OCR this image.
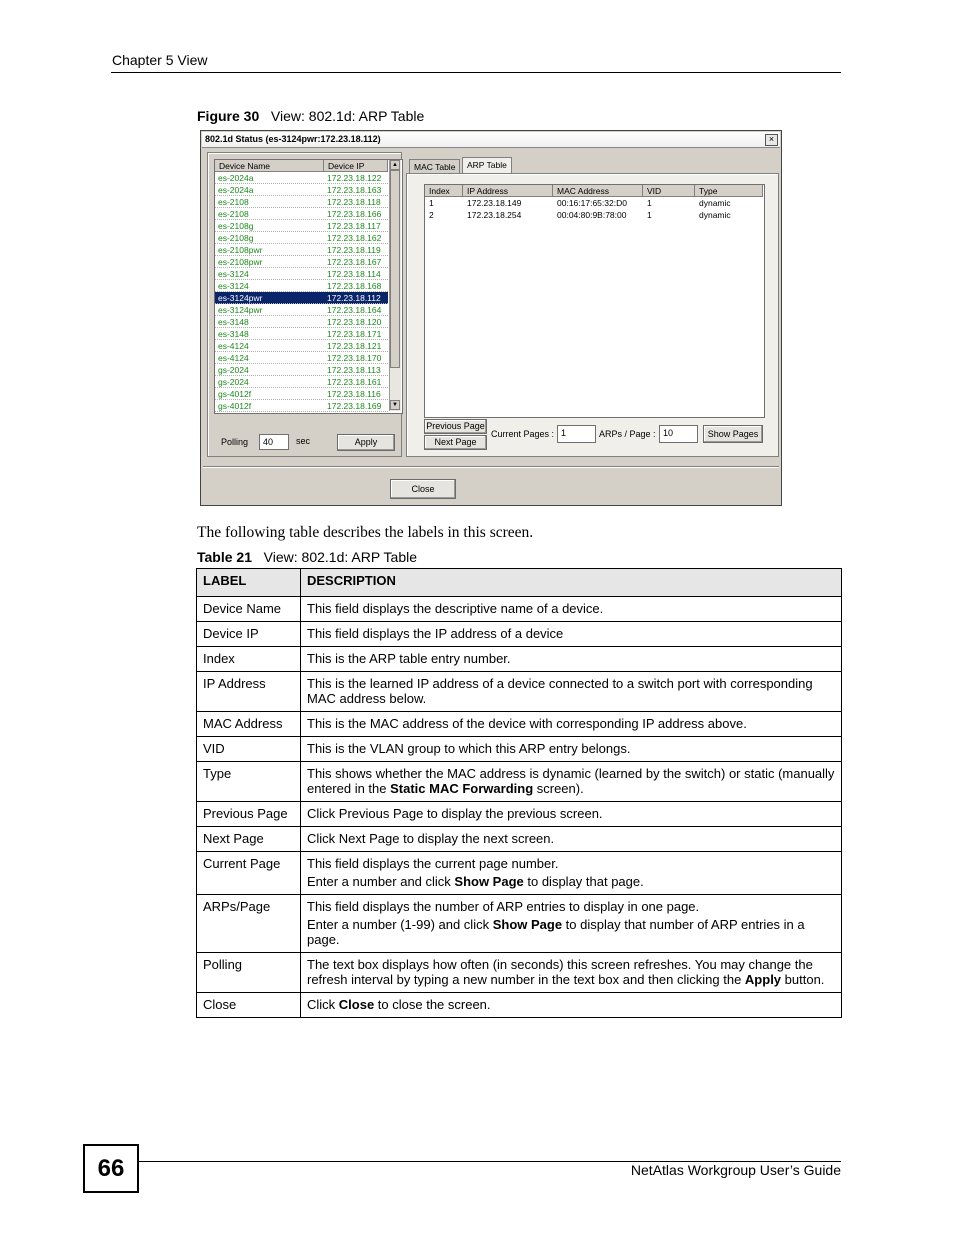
Chapter 5 View
Figure 30 View: 802.1d: ARP Table
802.1d Status (es-3124pwr:172.23.18.112)	×
Device Name	Device IP
es-2024a	172.23.18.122
es-2024a	172.23.18.163
es-2108	172.23.18.118
es-2108	172.23.18.166
es-2108g	172.23.18.117
es-2108g	172.23.18.162
es-2108pwr	172.23.18.119
es-2108pwr	172.23.18.167
es-3124	172.23.18.114
es-3124	172.23.18.168
es-3124pwr	172.23.18.112
es-3124pwr	172.23.18.164
es-3148	172.23.18.120
es-3148	172.23.18.171
es-4124	172.23.18.121
es-4124	172.23.18.170
gs-2024	172.23.18.113
gs-2024	172.23.18.161
gs-4012f	172.23.18.116
gs-4012f	172.23.18.169
▲
▼
Polling	40	sec	Apply
MAC Table	ARP Table
Index	IP Address	MAC Address	VID	Type
1	172.23.18.149	00:16:17:65:32:D0 1	dynamic
2	172.23.18.254	00:04:80:9B:78:00 1	dynamic
Previous Page
Next Page
Current Pages : 1	ARPs / Page : 10	Show Pages
Close
The following table describes the labels in this screen.
Table 21 View: 802.1d: ARP Table
LABEL	DESCRIPTION
Device Name	This field displays the descriptive name of a device.

Device IP	This field displays the IP address of a device

Index	This is the ARP table entry number.

IP Address	This is the learned IP address of a device connected to a switch port with corresponding MAC address below.

MAC Address	This is the MAC address of the device with corresponding IP address above.

VID	This is the VLAN group to which this ARP entry belongs.

Type	This shows whether the MAC address is dynamic (learned by the switch) or static (manually entered in the Static MAC Forwarding screen).

Previous Page	Click Previous Page to display the previous screen.

Next Page	Click Next Page to display the next screen.

Current Page	This field displays the current page number.

Enter a number and click Show Page to display that page.

ARPs/Page	This field displays the number of ARP entries to display in one page.

Enter a number (1-99) and click Show Page to display that number of ARP entries in a page.

Polling	The text box displays how often (in seconds) this screen refreshes. You may change the refresh interval by typing a new number in the text box and then clicking the Apply button.

Close	Click Close to close the screen.

66	NetAtlas Workgroup User’s Guide
